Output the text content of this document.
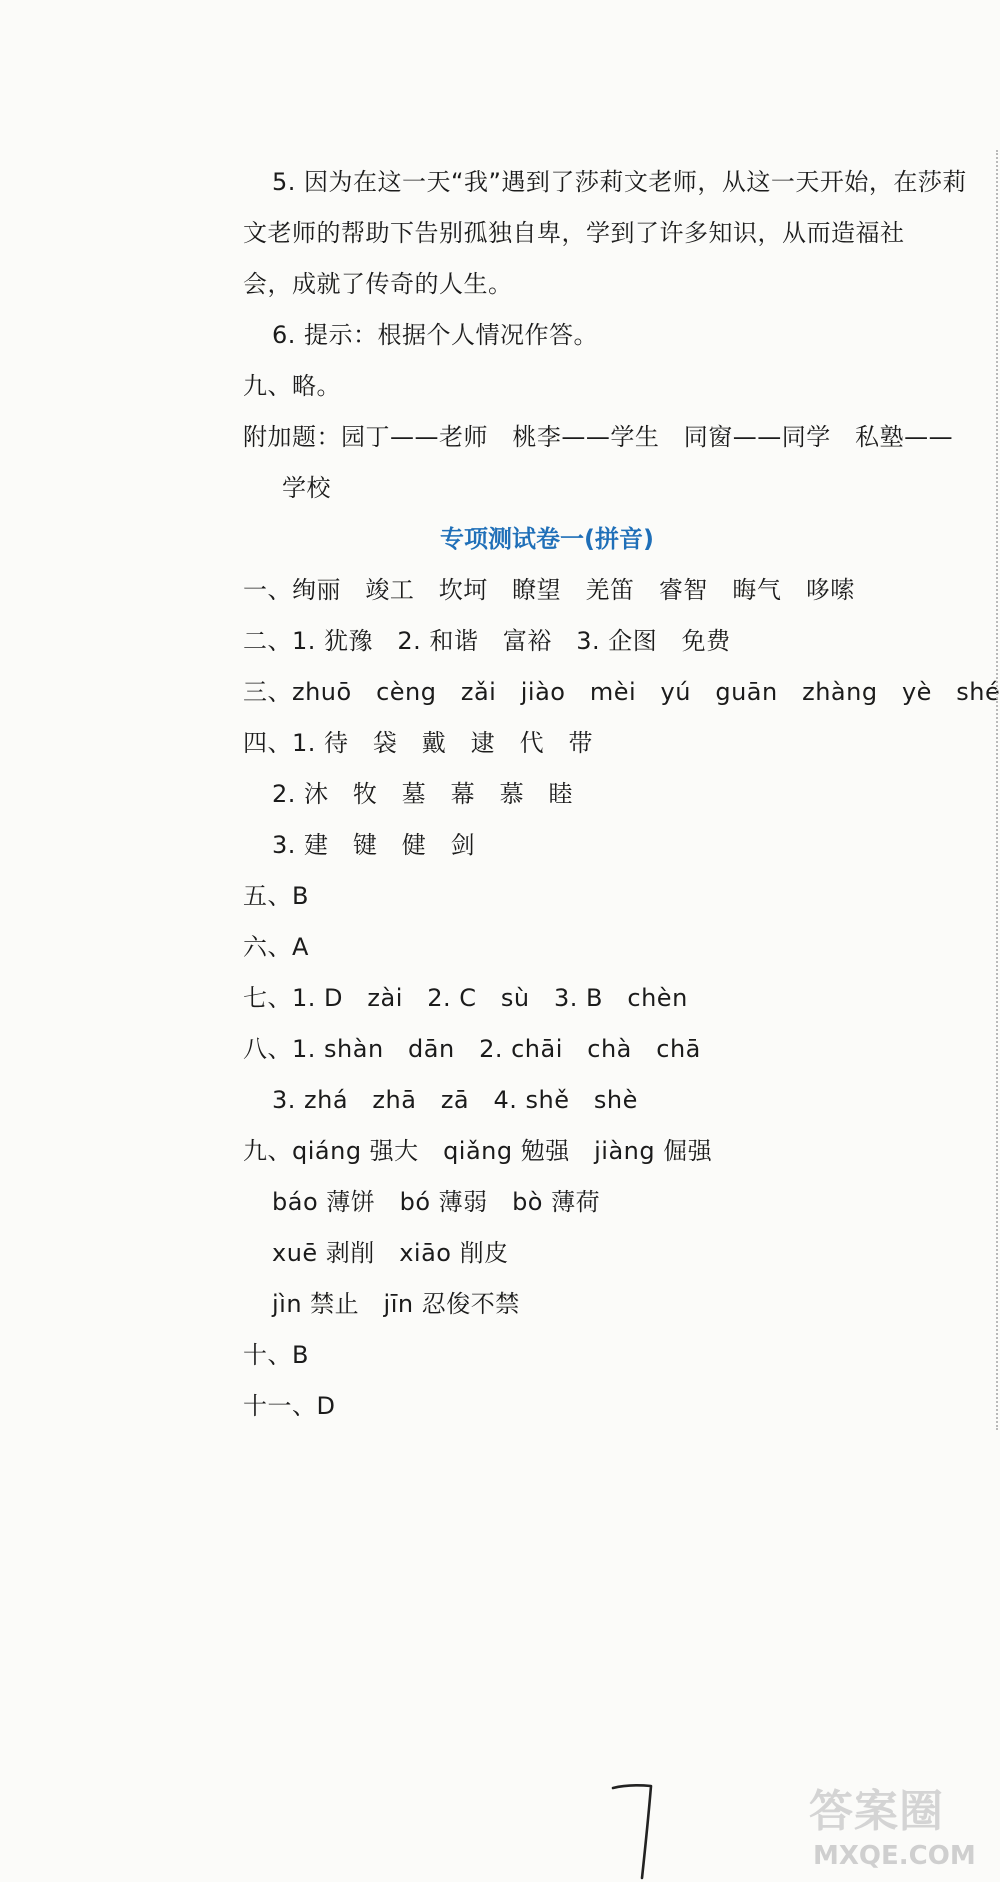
5. 因为在这一天“我”遇到了莎莉文老师，从这一天开始，在莎莉
文老师的帮助下告别孤独自卑，学到了许多知识，从而造福社
会，成就了传奇的人生。
6. 提示：根据个人情况作答。
九、略。
附加题：园丁——老师   桃李——学生   同窗——同学   私塾——
学校
专项测试卷一(拼音)
一、绚丽   竣工   坎坷   瞭望   羌笛   睿智   晦气   哆嗦
二、1. 犹豫   2. 和谐   富裕   3. 企图   免费
三、zhuō   cèng   zǎi   jiào   mèi   yú   guān   zhàng   yè   shé
四、1. 待   袋   戴   逮   代   带
2. 沐   牧   墓   幕   慕   睦
3. 建   键   健   剑
五、B
六、A
七、1. D   zài   2. C   sù   3. B   chèn
八、1. shàn   dān   2. chāi   chà   chā
3. zhá   zhā   zā   4. shě   shè
九、qiáng 强大   qiǎng 勉强   jiàng 倔强
báo 薄饼   bó 薄弱   bò 薄荷
xuē 剥削   xiāo 削皮
jìn 禁止   jīn 忍俊不禁
十、B
十一、D
答案圈
MXQE.COM
